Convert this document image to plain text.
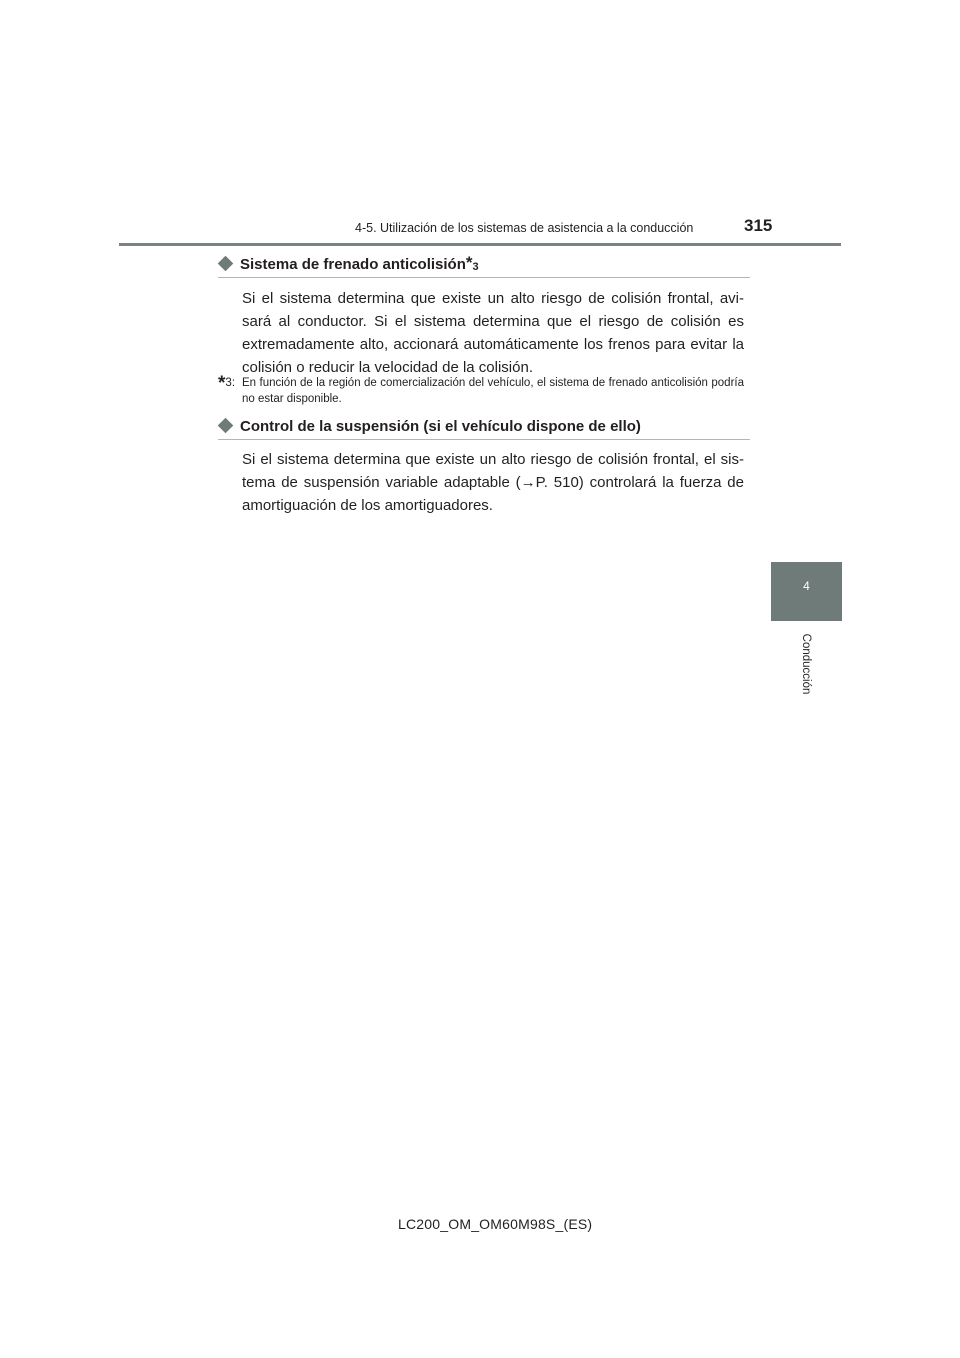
4-5. Utilización de los sistemas de asistencia a la conducción	315
4
Conducción
Sistema de frenado anticolisión * 3

Si el sistema determina que existe un alto riesgo de colisión frontal, avi-sará al conductor. Si el sistema determina que el riesgo de colisión es extremadamente alto, accionará automáticamente los frenos para evitar la colisión o reducir la velocidad de la colisión.

*3: En función de la región de comercialización del vehículo, el sistema de frenado anticolisión podría no estar disponible.
Control de la suspensión (si el vehículo dispone de ello)

Si el sistema determina que existe un alto riesgo de colisión frontal, el sis-tema de suspensión variable adaptable (→P. 510) controlará la fuerza de amortiguación de los amortiguadores.

LC200_OM_OM60M98S_(ES)
